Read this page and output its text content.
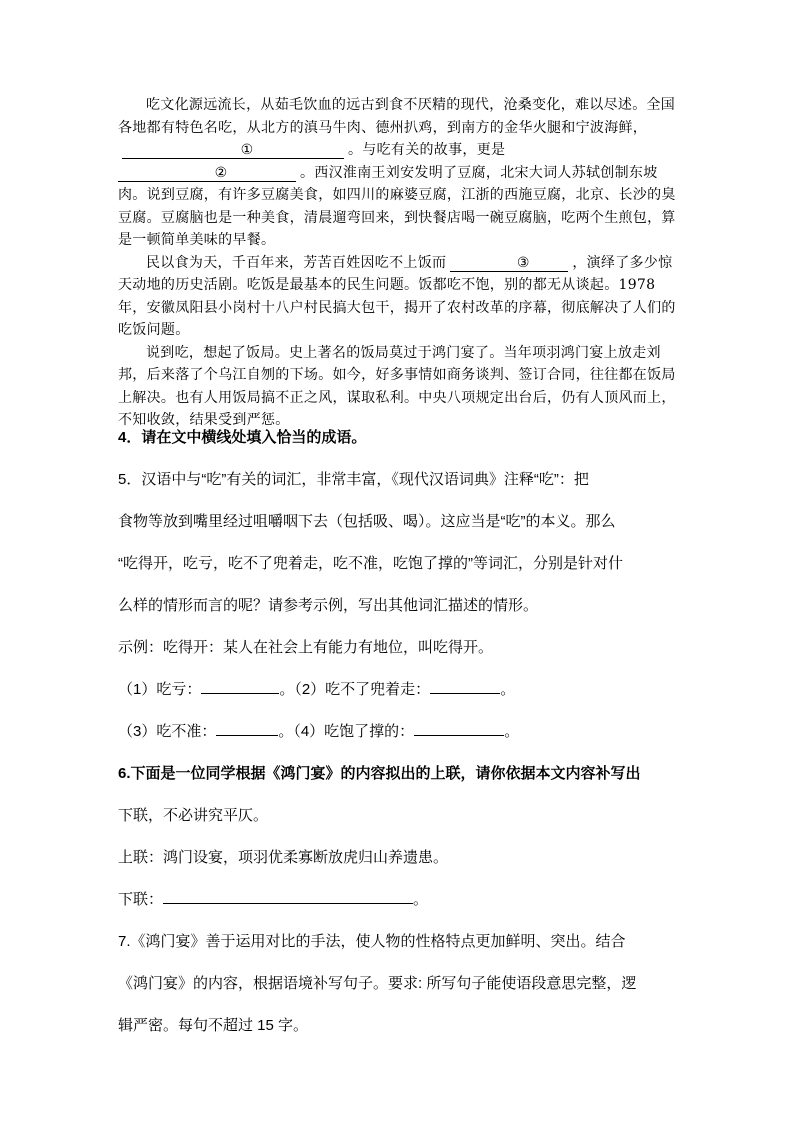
吃文化源远流长，从茹毛饮血的远古到食不厌精的现代，沧桑变化，难以尽述。全国各地都有特色名吃，从北方的滇马牛肉、德州扒鸡，到南方的金华火腿和宁波海鲜，①	。与吃有关的故事，更是②	。西汉淮南王刘安发明了豆腐，北宋大词人苏轼创制东坡肉。说到豆腐，有许多豆腐美食，如四川的麻婆豆腐，江浙的西施豆腐，北京、长沙的臭豆腐。豆腐脑也是一种美食，清晨遛弯回来，到快餐店喝一碗豆腐脑，吃两个生煎包，算是一顿简单美味的早餐。

民以食为天，千百年来，芳苦百姓因吃不上饭而	③	，演绎了多少惊天动地的历史活剧。吃饭是最基本的民生问题。饭都吃不饱，别的都无从谈起。1978 年，安徽凤阳县小岗村十八户村民搞大包干，揭开了农村改革的序幕，彻底解决了人们的吃饭问题。

说到吃，想起了饭局。史上著名的饭局莫过于鸿门宴了。当年项羽鸿门宴上放走刘邦，后来落了个乌江自刎的下场。如今，好多事情如商务谈判、签订合同，往往都在饭局上解决。也有人用饭局搞不正之风，谋取私利。中央八项规定出台后，仍有人顶风而上，不知收敛，结果受到严惩。

4．请在文中横线处填入恰当的成语。
5．汉语中与“吃”有关的词汇，非常丰富，《现代汉语词典》注释“吃”：把
食物等放到嘴里经过咀嚼咽下去（包括吸、喝）。这应当是“吃”的本义。那么
“吃得开，吃亏，吃不了兜着走，吃不准，吃饱了撑的”等词汇，分别是针对什
么样的情形而言的呢？请参考示例，写出其他词汇描述的情形。
示例：吃得开：某人在社会上有能力有地位，叫吃得开。
（1）吃亏：	。（2）吃不了兜着走：	。
（3）吃不准：	。（4）吃饱了撑的：	。
6.下面是一位同学根据《鸿门宴》的内容拟出的上联，请你依据本文内容补写出
下联，不必讲究平仄。
上联：鸿门设宴，项羽优柔寡断放虎归山养遗患。
下联：	。
7.《鸿门宴》善于运用对比的手法，使人物的性格特点更加鲜明、突出。结合
《鸿门宴》的内容，根据语境补写句子。要求: 所写句子能使语段意思完整，逻
辑严密。每句不超过 15 字。
